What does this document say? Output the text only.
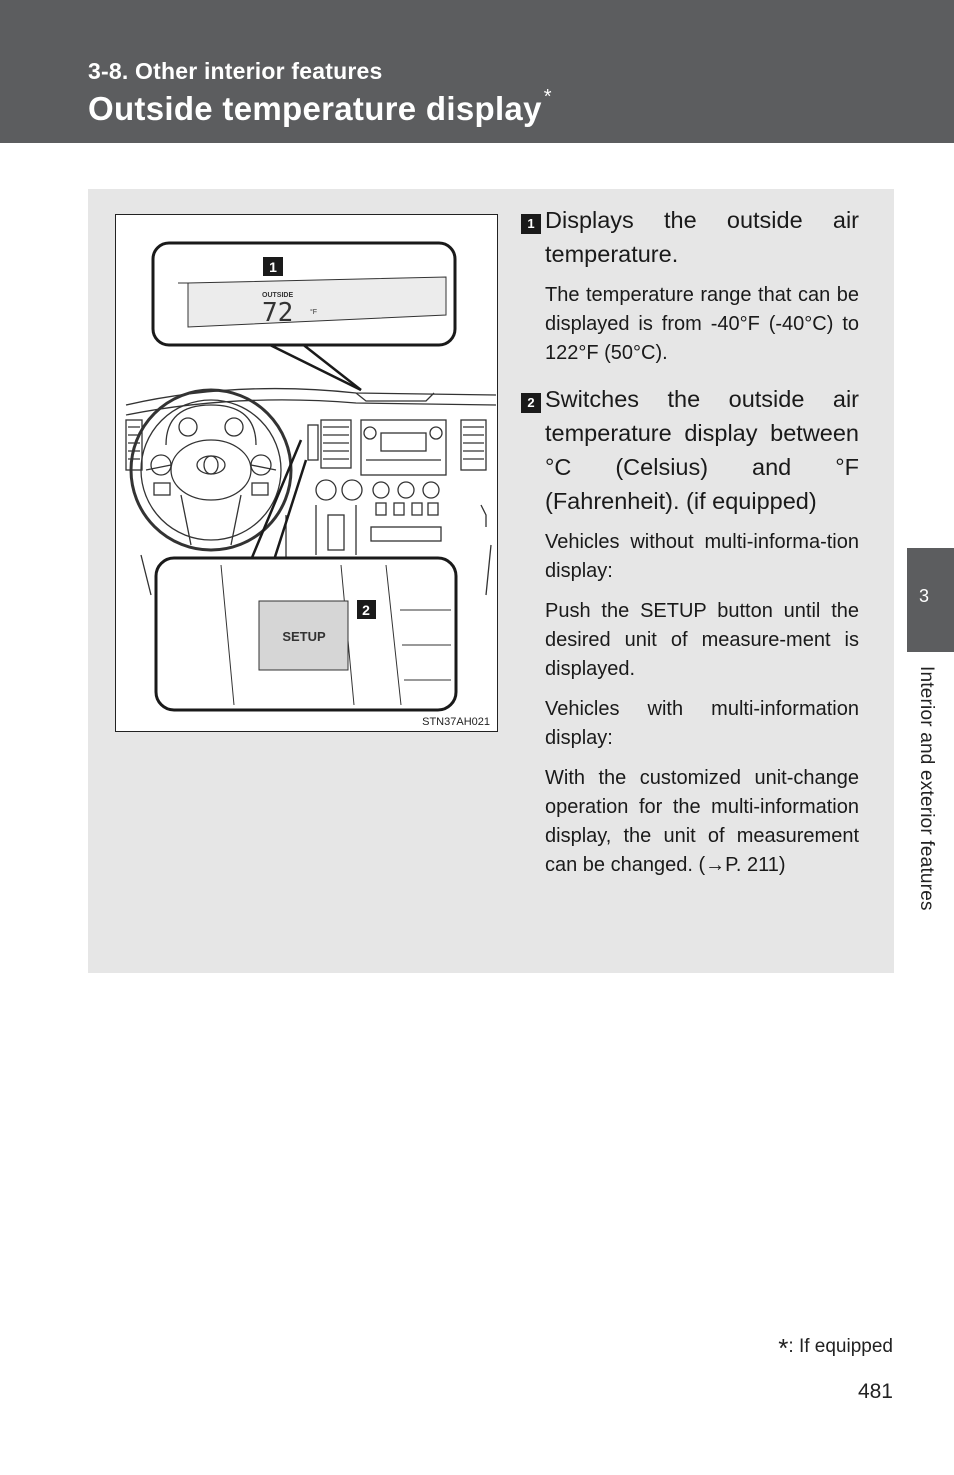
3-8. Other interior features
Outside temperature display *
1
OUTSIDE
72 °F
SETUP
2
STN37AH021
1 Displays the outside air temperature.
The temperature range that can be displayed is from -40°F (-40°C) to 122°F (50°C).
2 Switches the outside air temperature display between °C (Celsius) and °F (Fahrenheit). (if equipped)
Vehicles without multi-informa-tion display:
Push the SETUP button until the desired unit of measure-ment is displayed.
Vehicles with multi-information display:
With the customized unit-change operation for the multi-information display, the unit of measurement can be changed. (→P. 211)
3
Interior and exterior features
*: If equipped
481
